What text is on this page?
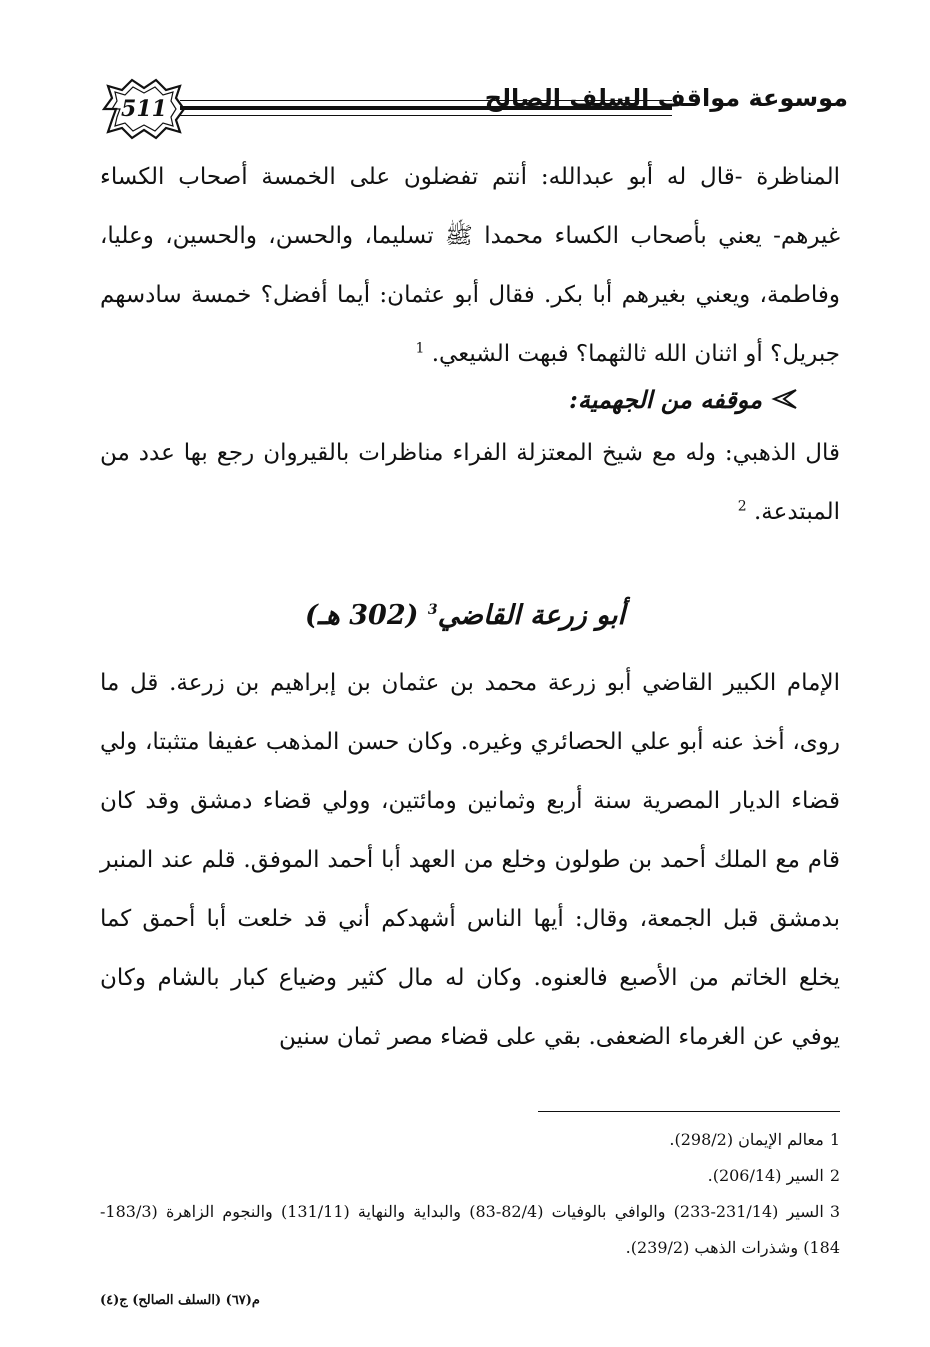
511	موسوعة مواقف السلف الصالح
المناظرة -قال له أبو عبدالله: أنتم تفضلون على الخمسة أصحاب الكساء غيرهم- يعني بأصحاب الكساء محمدا ﷺ تسليما، والحسن، والحسين، وعليا، وفاطمة، ويعني بغيرهم أبا بكر. فقال أبو عثمان: أيما أفضل؟ خمسة سادسهم جبريل؟ أو اثنان الله ثالثهما؟ فبهت الشيعي. $^1$
موقفه من الجهمية:
قال الذهبي: وله مع شيخ المعتزلة الفراء مناظرات بالقيروان رجع بها عدد من المبتدعة. $^2$
أبو زرعة القاضي$^3$ (302 هـ)
الإمام الكبير القاضي أبو زرعة محمد بن عثمان بن إبراهيم بن زرعة. قل ما روى، أخذ عنه أبو علي الحصائري وغيره. وكان حسن المذهب عفيفا متثبتا، ولي قضاء الديار المصرية سنة أربع وثمانين ومائتين، وولي قضاء دمشق وقد كان قام مع الملك أحمد بن طولون وخلع من العهد أبا أحمد الموفق. قلم عند المنبر بدمشق قبل الجمعة، وقال: أيها الناس أشهدكم أني قد خلعت أبا أحمق كما يخلع الخاتم من الأصبع فالعنوه. وكان له مال كثير وضياع كبار بالشام وكان يوفي عن الغرماء الضعفى. بقي على قضاء مصر ثمان سنين
1معالم الإيمان (298/2).
2السير (206/14).
3السير (231/14-233) والوافي بالوفيات (82/4-83) والبداية والنهاية (131/11) والنجوم الزاهرة (183/3-184) وشذرات الذهب (239/2).
م(٦٧) (السلف الصالح) ج(٤)
